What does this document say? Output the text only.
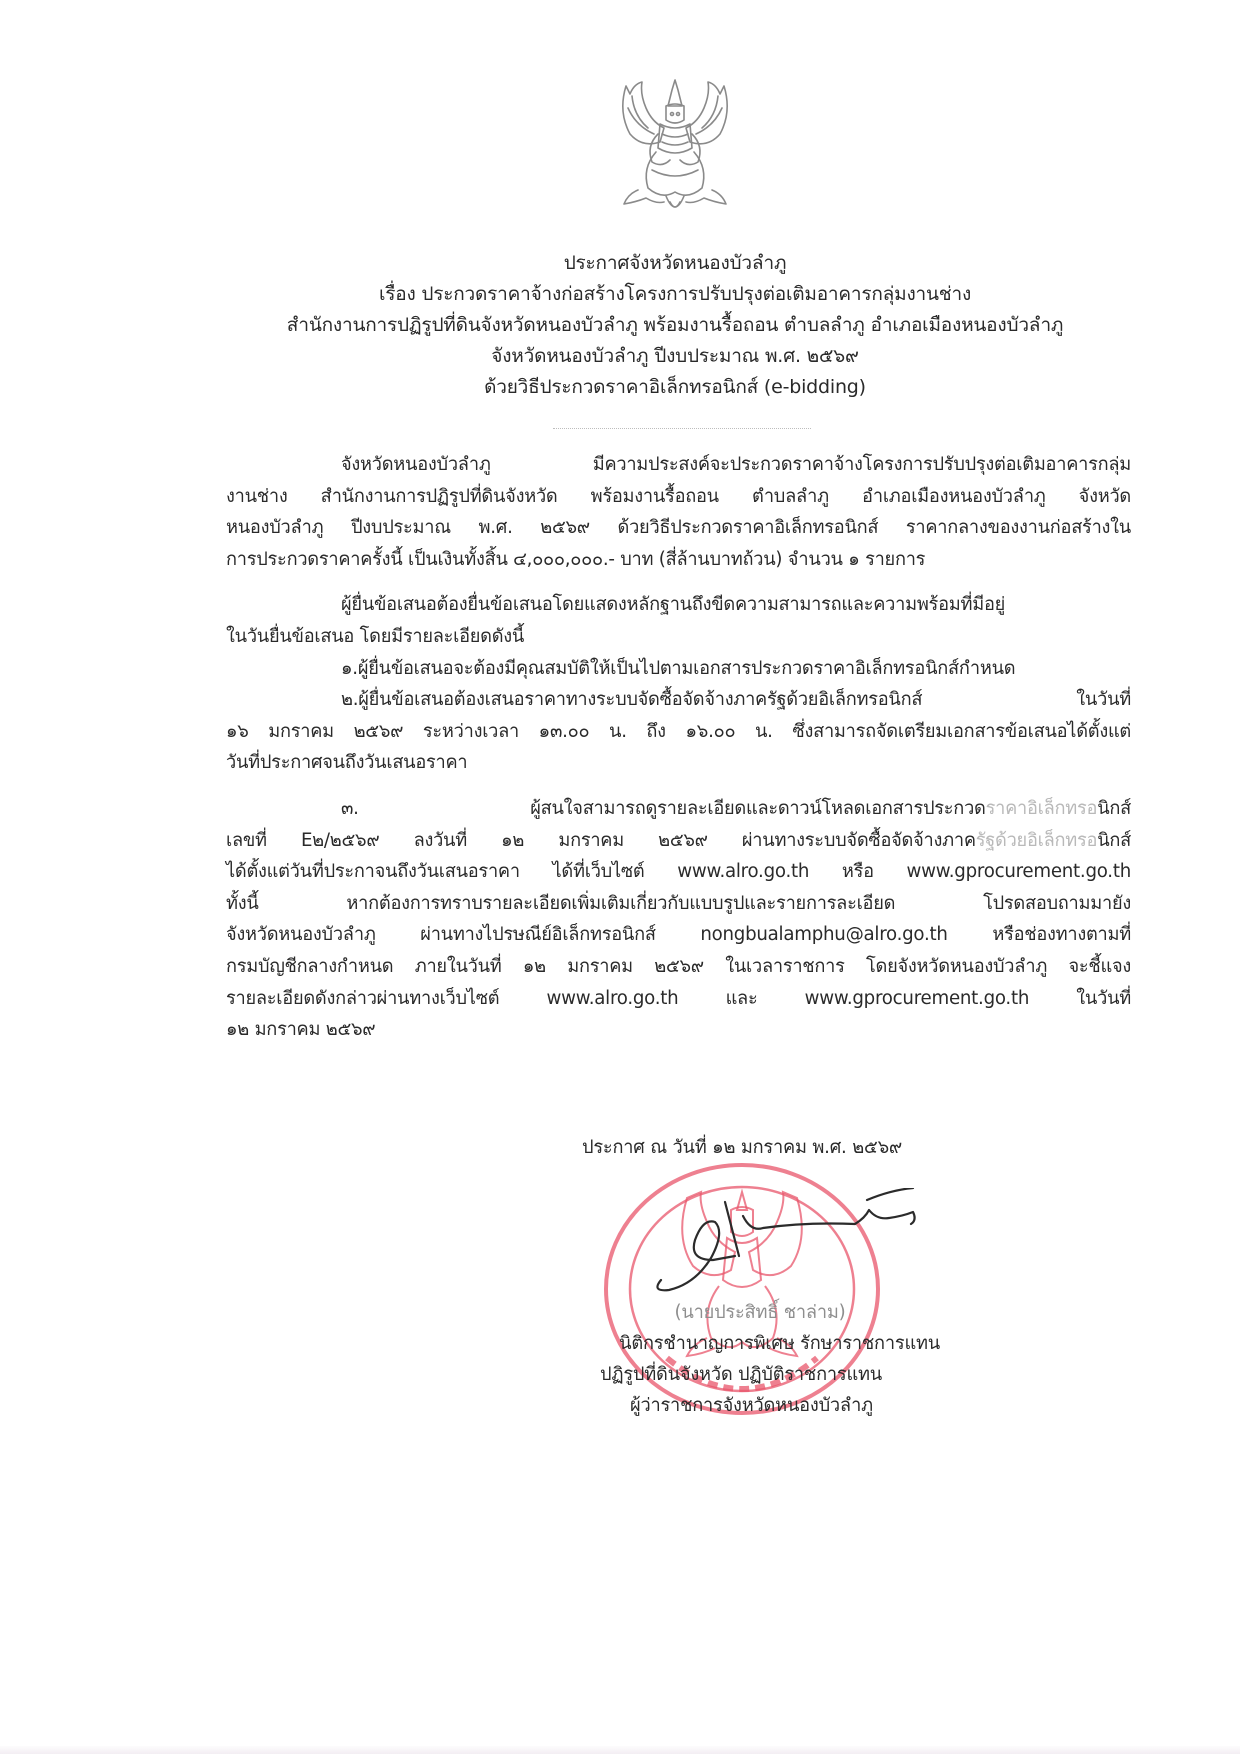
ประกาศจังหวัดหนองบัวลำภู
เรื่อง ประกวดราคาจ้างก่อสร้างโครงการปรับปรุงต่อเติมอาคารกลุ่มงานช่าง
สำนักงานการปฏิรูปที่ดินจังหวัดหนองบัวลำภู พร้อมงานรื้อถอน ตำบลลำภู อำเภอเมืองหนองบัวลำภู
จังหวัดหนองบัวลำภู ปีงบประมาณ พ.ศ. ๒๕๖๙
ด้วยวิธีประกวดราคาอิเล็กทรอนิกส์ (e-bidding)
จังหวัดหนองบัวลำภู มีความประสงค์จะประกวดราคาจ้างโครงการปรับปรุงต่อเติมอาคารกลุ่ม
งานช่าง สำนักงานการปฏิรูปที่ดินจังหวัด พร้อมงานรื้อถอน ตำบลลำภู อำเภอเมืองหนองบัวลำภู จังหวัด
หนองบัวลำภู ปีงบประมาณ พ.ศ. ๒๕๖๙ ด้วยวิธีประกวดราคาอิเล็กทรอนิกส์ ราคากลางของงานก่อสร้างใน
การประกวดราคาครั้งนี้ เป็นเงินทั้งสิ้น ๔,๐๐๐,๐๐๐.- บาท (สี่ล้านบาทถ้วน) จำนวน ๑ รายการ
ผู้ยื่นข้อเสนอต้องยื่นข้อเสนอโดยแสดงหลักฐานถึงขีดความสามารถและความพร้อมที่มีอยู่
ในวันยื่นข้อเสนอ โดยมีรายละเอียดดังนี้
๑.ผู้ยื่นข้อเสนอจะต้องมีคุณสมบัติให้เป็นไปตามเอกสารประกวดราคาอิเล็กทรอนิกส์กำหนด
๒.ผู้ยื่นข้อเสนอต้องเสนอราคาทางระบบจัดซื้อจัดจ้างภาครัฐด้วยอิเล็กทรอนิกส์ ในวันที่
๑๖ มกราคม ๒๕๖๙ ระหว่างเวลา ๑๓.๐๐ น. ถึง ๑๖.๐๐ น. ซึ่งสามารถจัดเตรียมเอกสารข้อเสนอได้ตั้งแต่
วันที่ประกาศจนถึงวันเสนอราคา
๓. ผู้สนใจสามารถดูรายละเอียดและดาวน์โหลดเอกสารประกวดราคาอิเล็กทรอนิกส์
เลขที่ E๒/๒๕๖๙ ลงวันที่ ๑๒ มกราคม ๒๕๖๙ ผ่านทางระบบจัดซื้อจัดจ้างภาครัฐด้วยอิเล็กทรอนิกส์
ได้ตั้งแต่วันที่ประกาจนถึงวันเสนอราคา ได้ที่เว็บไซต์ www.alro.go.th หรือ www.gprocurement.go.th
ทั้งนี้ หากต้องการทราบรายละเอียดเพิ่มเติมเกี่ยวกับแบบรูปและรายการละเอียด โปรดสอบถามมายัง
จังหวัดหนองบัวลำภู ผ่านทางไปรษณีย์อิเล็กทรอนิกส์ nongbualamphu@alro.go.th หรือช่องทางตามที่
กรมบัญชีกลางกำหนด ภายในวันที่ ๑๒ มกราคม ๒๕๖๙ ในเวลาราชการ โดยจังหวัดหนองบัวลำภู จะชี้แจง
รายละเอียดดังกล่าวผ่านทางเว็บไซต์ www.alro.go.th และ www.gprocurement.go.th ในวันที่
๑๒ มกราคม ๒๕๖๙
ประกาศ ณ วันที่ ๑๒ มกราคม พ.ศ. ๒๕๖๙
(นายประสิทธิ์ ชาล่าม)
นิติกรชำนาญการพิเศษ รักษาราชการแทน
ปฏิรูปที่ดินจังหวัด ปฏิบัติราชการแทน
ผู้ว่าราชการจังหวัดหนองบัวลำภู
